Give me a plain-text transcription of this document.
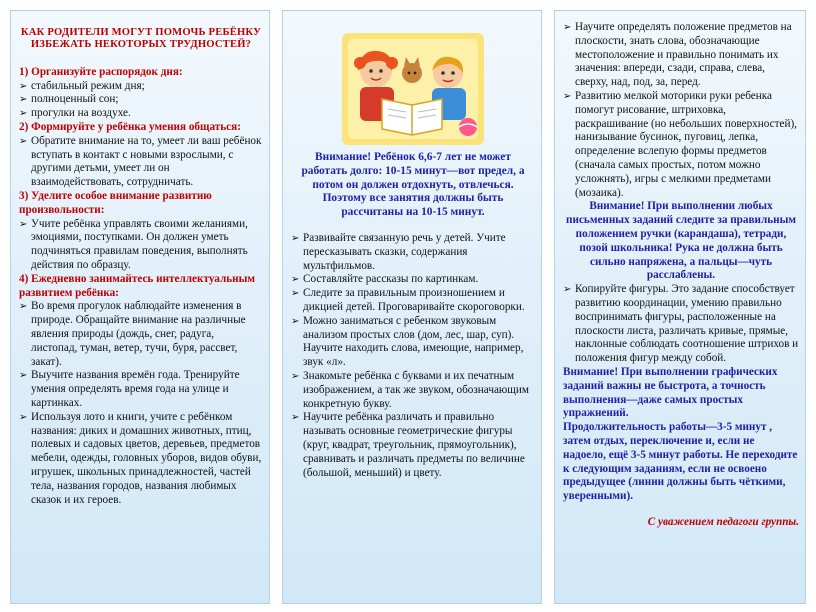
КАК РОДИТЕЛИ МОГУТ ПОМОЧЬ РЕБЁНКУ ИЗБЕЖАТЬ НЕКОТОРЫХ ТРУДНОСТЕЙ?

1) Организуйте распорядок дня:

➢ стабильный режим дня;
➢ полноценный сон;
➢ прогулки на воздухе.

2) Формируйте у ребёнка умения общаться:

➢ Обратите внимание на то, умеет ли ваш ребёнок вступать в контакт с новыми взрослыми, с другими детьми, умеет ли он взаимодействовать, сотрудничать.

3) Уделите особое внимание развитию произвольности:

➢ Учите ребёнка управлять своими желаниями, эмоциями, поступками. Он должен уметь подчиняться правилам поведения, выполнять действия по образцу.

4) Ежедневно занимайтесь интеллектуальным развитием ребёнка:

➢ Во время прогулок наблюдайте изменения в природе. Обращайте внимание на различные явления природы (дождь, снег, радуга, листопад, туман, ветер, тучи, буря, рассвет, закат).
➢ Выучите названия времён года. Тренируйте умения определять время года на улице и картинках.
➢ Используя лото и книги, учите с ребёнком названия: диких и домашних животных, птиц, полевых и садовых цветов, деревьев, предметов мебели, одежды, головных уборов, видов обуви, игрушек, школьных принадлежностей, частей тела, названия городов, названия любимых сказок и их героев.
Внимание! Ребёнок 6,6-7 лет не может работать долго: 10-15 минут—вот предел, а потом он должен отдохнуть, отвлечься. Поэтому все занятия должны быть рассчитаны на 10-15 минут.
➢ Развивайте связанную речь у детей. Учите пересказывать сказки, содержания мультфильмов.
➢ Составляйте рассказы по картинкам.
➢ Следите за правильным произношением и дикцией детей. Проговаривайте скороговорки.
➢ Можно заниматься с ребенком звуковым анализом простых слов (дом, лес, шар, суп). Научите находить слова, имеющие, например, звук «л».
➢ Знакомьте ребёнка с буквами и их печатным изображением, а так же звуком, обозначающим конкретную букву.
➢ Научите ребёнка различать и правильно называть основные геометрические фигуры (круг, квадрат, треугольник, прямоугольник), сравнивать и различать предметы по величине (большой, меньший) и цвету.
➢ Научите определять положение предметов на плоскости, знать слова, обозначающие местоположение и правильно понимать их значения: впереди, сзади, справа, слева, сверху, над, под, за, перед.
➢ Развитию мелкой моторики руки ребенка помогут рисование, штриховка, раскрашивание (но небольших поверхностей), нанизывание бусинок, пуговиц, лепка, определение вслепую формы предметов (сначала самых простых, потом можно усложнять), игры с мелкими предметами (мозаика).

Внимание! При выполнении любых письменных заданий следите за правильным положением ручки (карандаша), тетради, позой школьника! Рука не должна быть сильно напряжена, а пальцы—чуть расслаблены.

➢ Копируйте фигуры. Это задание способствует развитию координации, умению правильно воспринимать фигуры, расположенные на плоскости листа, различать кривые, прямые, наклонные соблюдать соотношение штрихов и положения фигур между собой.

Внимание! При выполнении графических заданий важны не быстрота, а точность выполнения—даже самых простых упражнений.

Продолжительность работы—3-5 минут , затем отдых, переключение и, если не надоело, ещё 3-5 минут работы. Не переходите к следующим заданиям, если не освоено предыдущее (линии должны быть чёткими, уверенными).

С уважением педагоги группы.
